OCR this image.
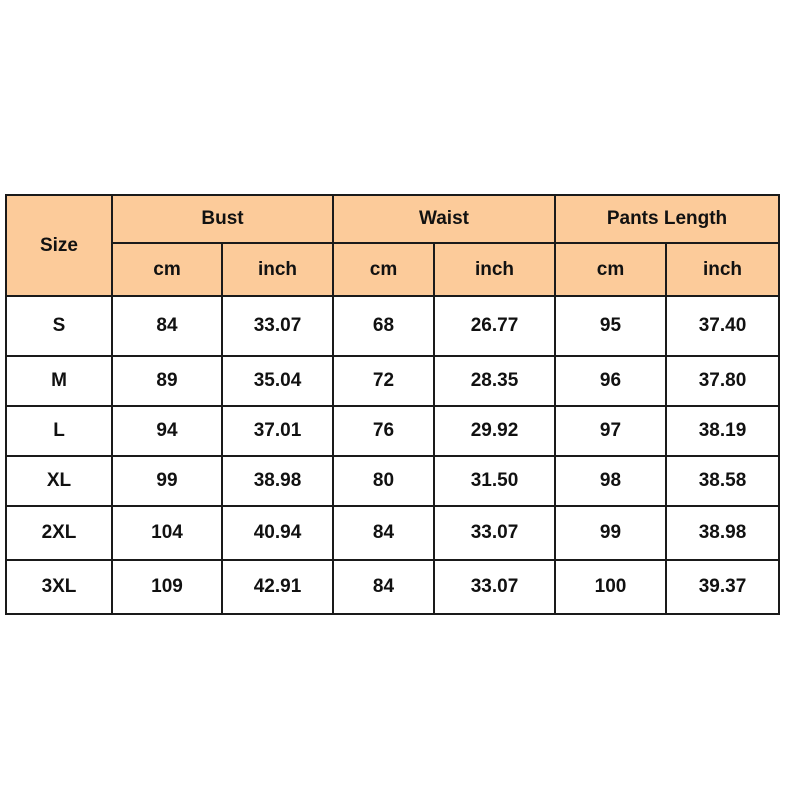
Size	Bust		Waist		Pants Length	
	cm	inch	cm	inch	cm	inch
S	84	33.07	68	26.77	95	37.40
M	89	35.04	72	28.35	96	37.80
L	94	37.01	76	29.92	97	38.19
XL	99	38.98	80	31.50	98	38.58
2XL	104	40.94	84	33.07	99	38.98
3XL	109	42.91	84	33.07	100	39.37
